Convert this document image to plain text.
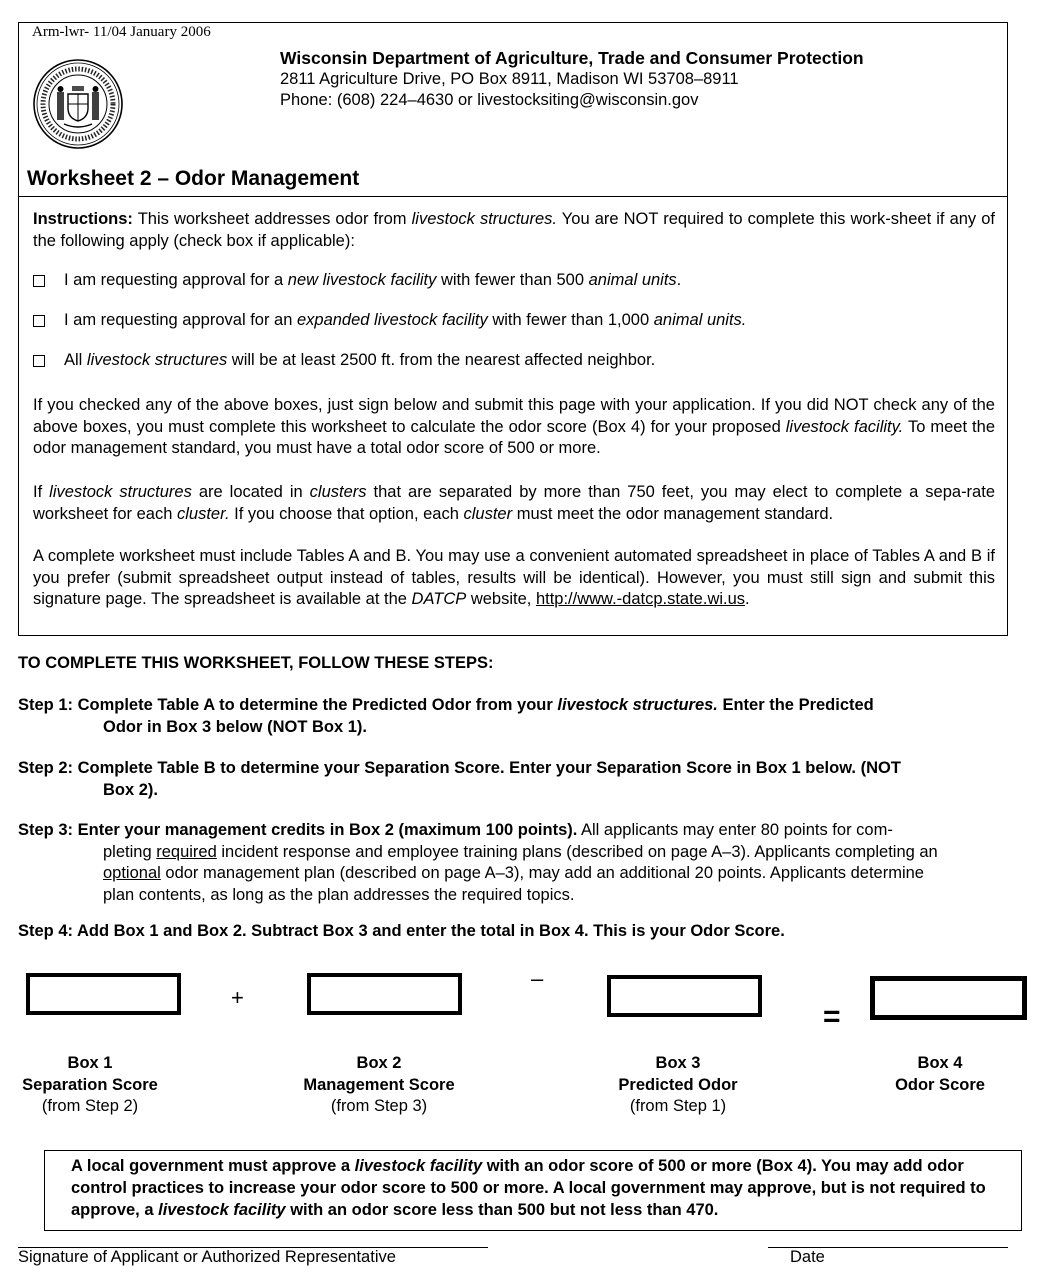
Arm-lwr- 11/04 January 2006
Wisconsin Department of Agriculture, Trade and Consumer Protection
2811 Agriculture Drive, PO Box 8911, Madison WI 53708–8911
Phone: (608) 224–4630 or livestocksiting@wisconsin.gov
Worksheet 2 – Odor Management
Instructions: This worksheet addresses odor from livestock structures. You are NOT required to complete this work-sheet if any of the following apply (check box if applicable):
I am requesting approval for a new livestock facility with fewer than 500 animal units.
I am requesting approval for an expanded livestock facility with fewer than 1,000 animal units.
All livestock structures will be at least 2500 ft. from the nearest affected neighbor.
If you checked any of the above boxes, just sign below and submit this page with your application. If you did NOT check any of the above boxes, you must complete this worksheet to calculate the odor score (Box 4) for your proposed livestock facility. To meet the odor management standard, you must have a total odor score of 500 or more.
If livestock structures are located in clusters that are separated by more than 750 feet, you may elect to complete a sepa-rate worksheet for each cluster. If you choose that option, each cluster must meet the odor management standard.
A complete worksheet must include Tables A and B. You may use a convenient automated spreadsheet in place of Tables A and B if you prefer (submit spreadsheet output instead of tables, results will be identical). However, you must still sign and submit this signature page. The spreadsheet is available at the DATCP website, http://www.-datcp.state.wi.us.
TO COMPLETE THIS WORKSHEET, FOLLOW THESE STEPS:
Step 1: Complete Table A to determine the Predicted Odor from your livestock structures. Enter the Predicted
Odor in Box 3 below (NOT Box 1).
Step 2: Complete Table B to determine your Separation Score. Enter your Separation Score in Box 1 below. (NOT
Box 2).
Step 3: Enter your management credits in Box 2 (maximum 100 points). All applicants may enter 80 points for com-
pleting required incident response and employee training plans (described on page A–3). Applicants completing an
optional odor management plan (described on page A–3), may add an additional 20 points. Applicants determine
plan contents, as long as the plan addresses the required topics.
Step 4: Add Box 1 and Box 2. Subtract Box 3 and enter the total in Box 4. This is your Odor Score.
+
–
=
Box 1
Separation Score
(from Step 2)
Box 2
Management Score
(from Step 3)
Box 3
Predicted Odor
(from Step 1)
Box 4
Odor Score
A local government must approve a livestock facility with an odor score of 500 or more (Box 4). You may add odor control practices to increase your odor score to 500 or more. A local government may approve, but is not required to approve, a livestock facility with an odor score less than 500 but not less than 470.
Signature of Applicant or Authorized Representative	Date
